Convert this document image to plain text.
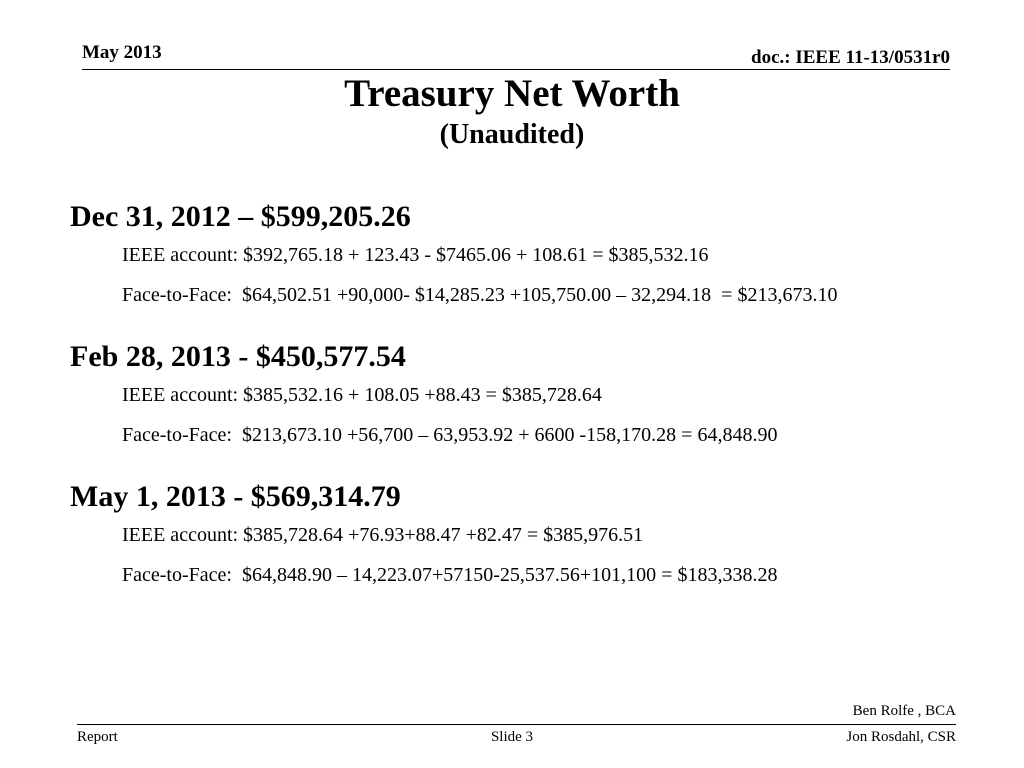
May 2013	doc.: IEEE 11-13/0531r0
Treasury Net Worth
(Unaudited)
Dec 31, 2012 – $599,205.26
IEEE account: $392,765.18 + 123.43 - $7465.06 + 108.61 = $385,532.16
Face-to-Face:  $64,502.51 +90,000- $14,285.23 +105,750.00 – 32,294.18  = $213,673.10
Feb 28, 2013 - $450,577.54
IEEE account: $385,532.16 + 108.05 +88.43 = $385,728.64
Face-to-Face:  $213,673.10 +56,700 – 63,953.92 + 6600 -158,170.28 = 64,848.90
May 1, 2013 - $569,314.79
IEEE account: $385,728.64 +76.93+88.47 +82.47 = $385,976.51
Face-to-Face:  $64,848.90 – 14,223.07+57150-25,537.56+101,100 = $183,338.28
Ben Rolfe , BCA
Report	Slide 3	Jon Rosdahl, CSR
